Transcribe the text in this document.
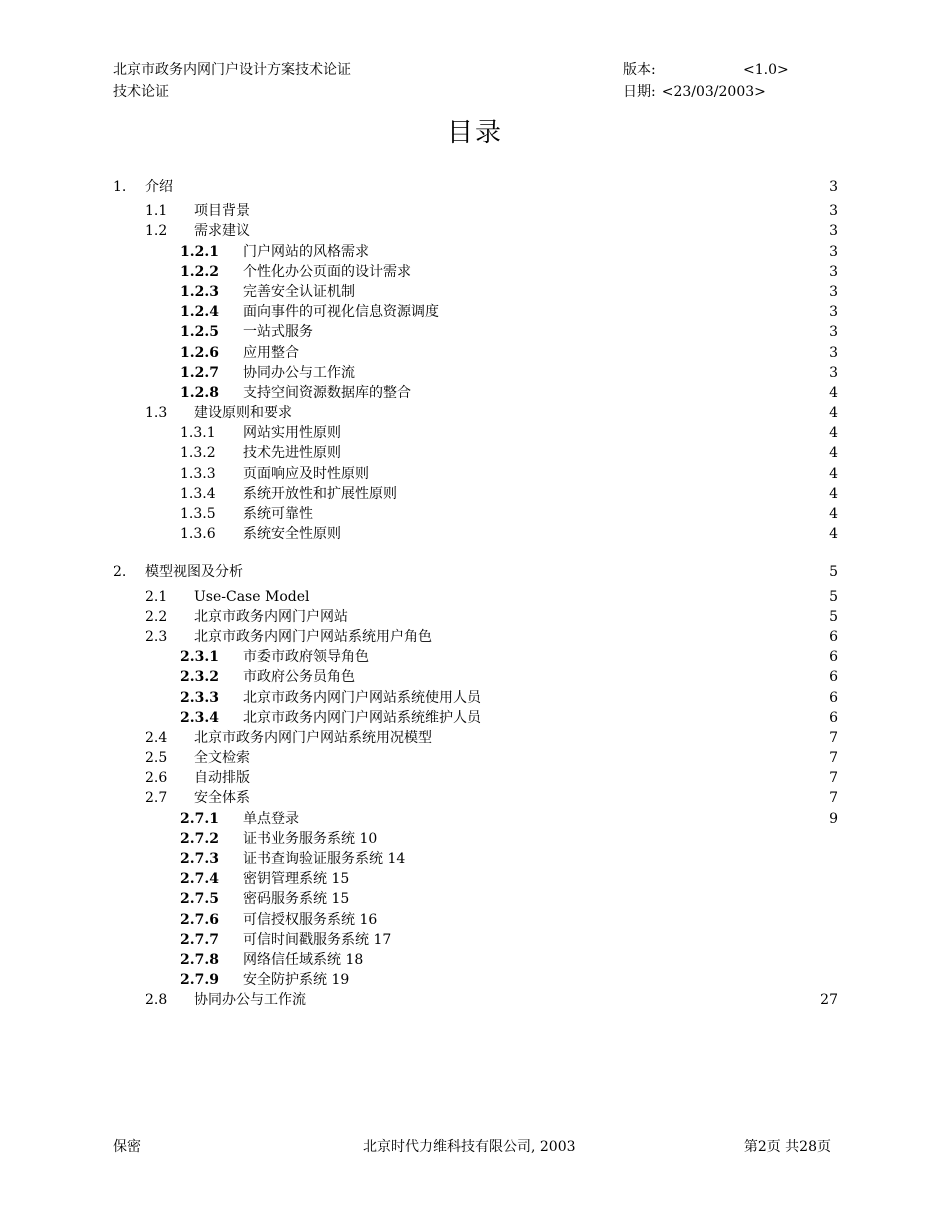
北京市政务内网门户设计方案技术论证
技术论证
版本:	<1.0>
日期: <23/03/2003>
目录
1. 介绍	3
1.1 项目背景	3
1.2 需求建议	3
1.2.1 门户网站的风格需求	3
1.2.2 个性化办公页面的设计需求	3
1.2.3 完善安全认证机制	3
1.2.4 面向事件的可视化信息资源调度	3
1.2.5 一站式服务	3
1.2.6 应用整合	3
1.2.7 协同办公与工作流	3
1.2.8 支持空间资源数据库的整合	4
1.3 建设原则和要求	4
1.3.1 网站实用性原则	4
1.3.2 技术先进性原则	4
1.3.3 页面响应及时性原则	4
1.3.4 系统开放性和扩展性原则	4
1.3.5 系统可靠性	4
1.3.6 系统安全性原则	4
2. 模型视图及分析	5
2.1 Use-Case Model	5
2.2 北京市政务内网门户网站	5
2.3 北京市政务内网门户网站系统用户角色	6
2.3.1 市委市政府领导角色	6
2.3.2 市政府公务员角色	6
2.3.3 北京市政务内网门户网站系统使用人员	6
2.3.4 北京市政务内网门户网站系统维护人员	6
2.4 北京市政务内网门户网站系统用况模型	7
2.5 全文检索	7
2.6 自动排版	7
2.7 安全体系	7
2.7.1 单点登录	9
2.7.2 证书业务服务系统 10
2.7.3 证书查询验证服务系统 14
2.7.4 密钥管理系统 15
2.7.5 密码服务系统 15
2.7.6 可信授权服务系统 16
2.7.7 可信时间戳服务系统 17
2.7.8 网络信任域系统 18
2.7.9 安全防护系统 19
2.8 协同办公与工作流	27
保密	北京时代力维科技有限公司, 2003	第2页 共28页
